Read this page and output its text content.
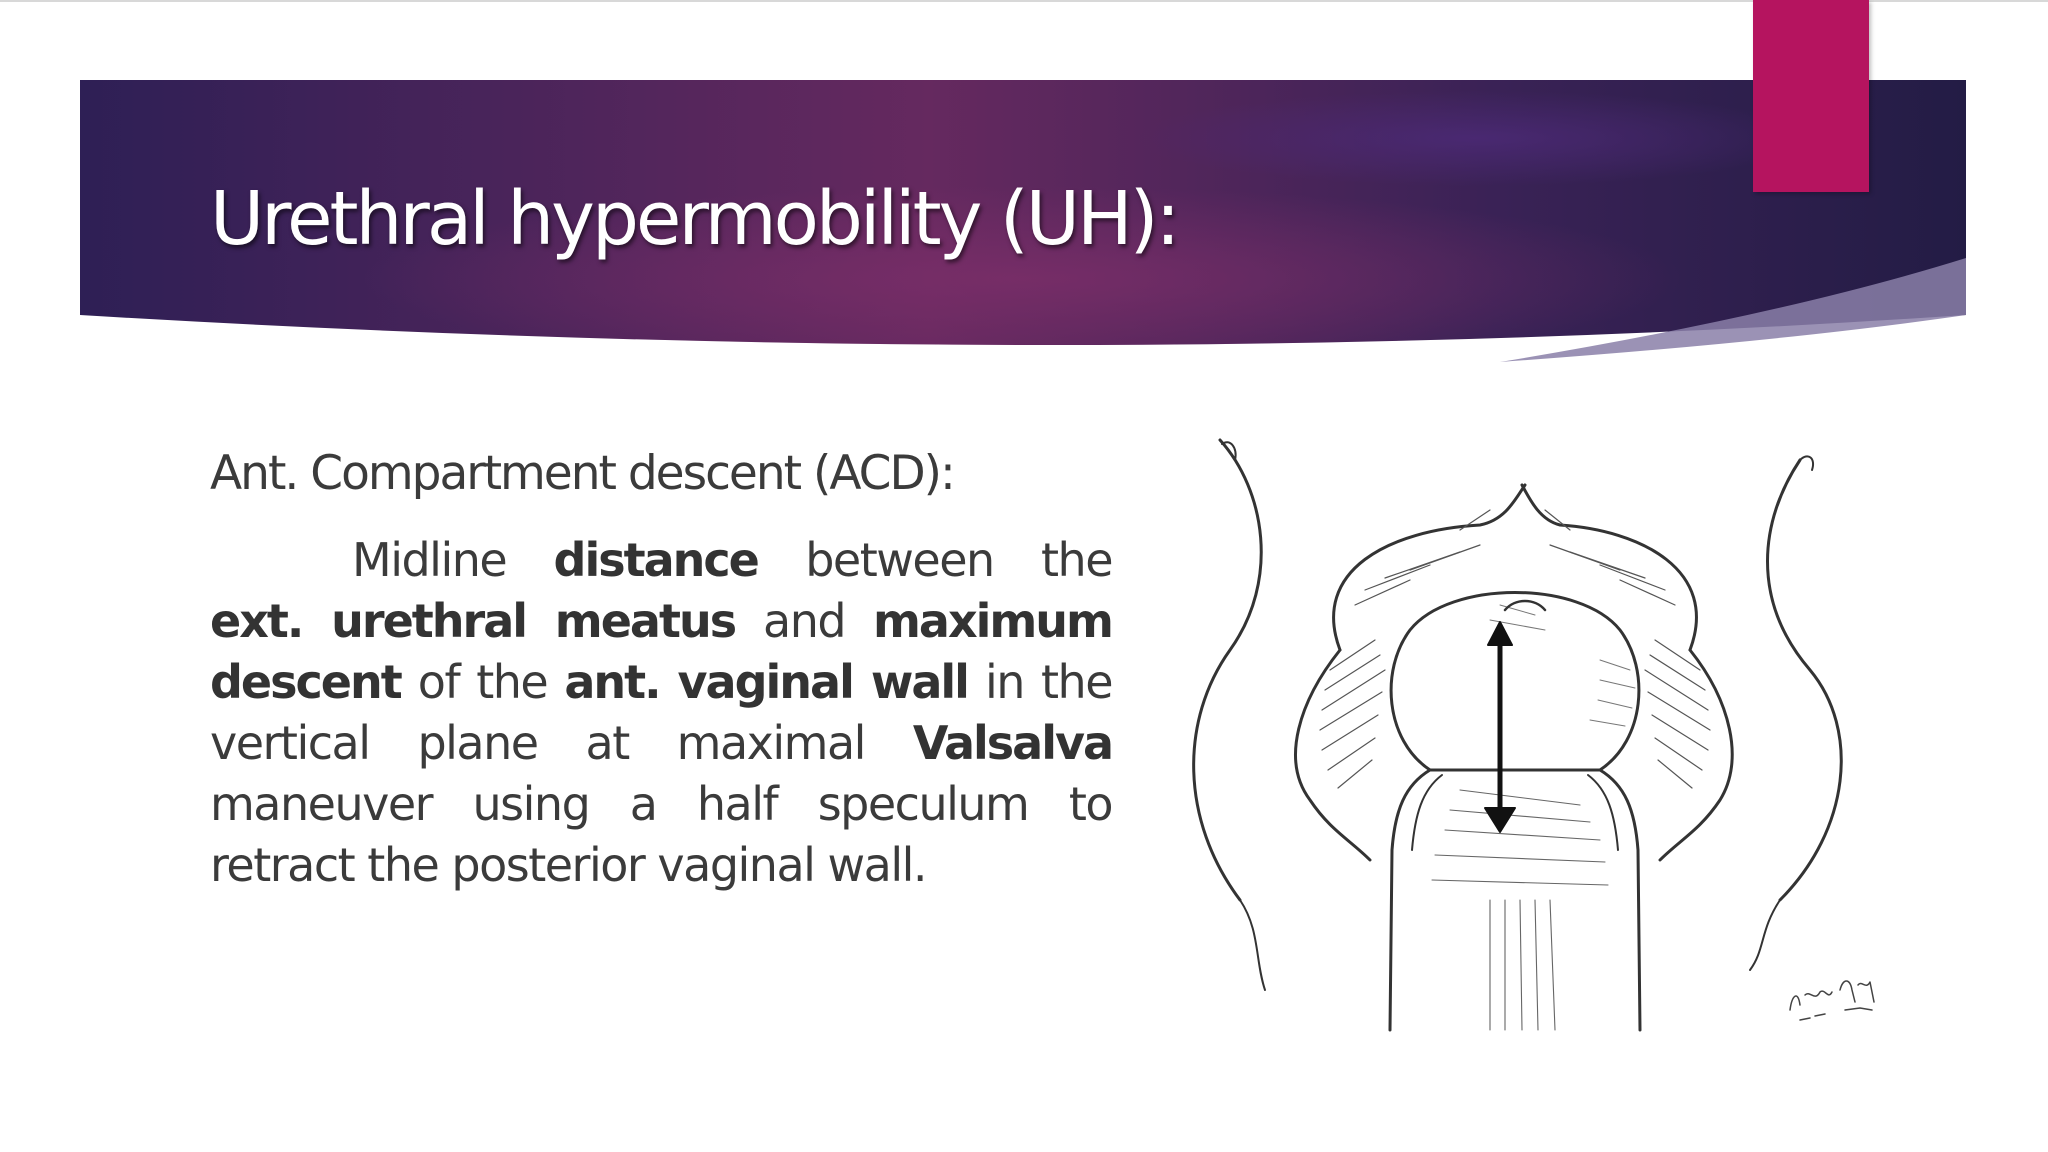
Urethral hypermobility (UH):
Ant. Compartment descent (ACD):

Midline distance between the ext. urethral meatus and maximum descent of the ant. vaginal wall in the vertical plane at maximal Valsalva maneuver using a half speculum to retract the posterior vaginal wall.
